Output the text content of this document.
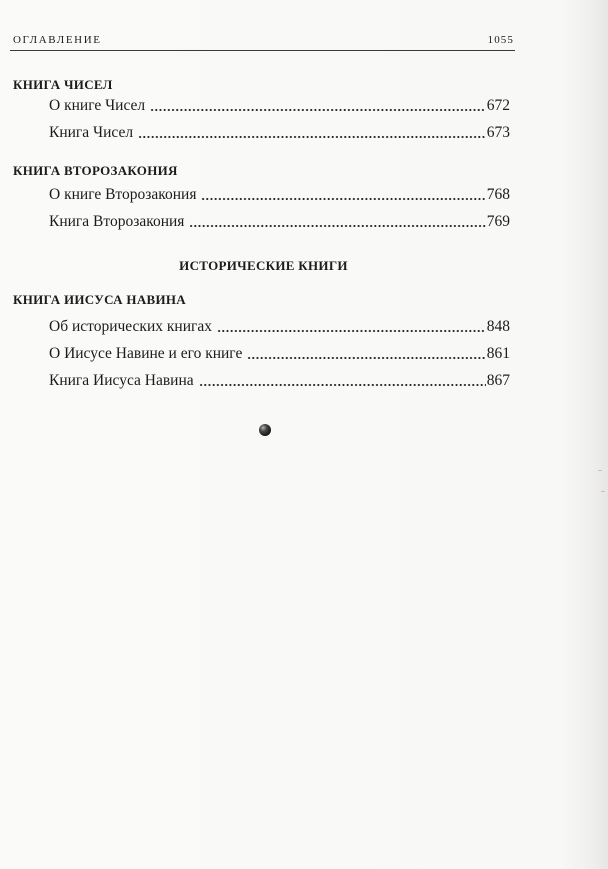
ОГЛАВЛЕНИЕ	1055
КНИГА ЧИСЕЛ
О книге Чисел	672
Книга Чисел	673
КНИГА ВТОРОЗАКОНИЯ
О книге Второзакония	768
Книга Второзакония	769
ИСТОРИЧЕСКИЕ КНИГИ
КНИГА ИИСУСА НАВИНА
Об исторических книгах	848
О Иисусе Навине и его книге	861
Книга Иисуса Навина	867
